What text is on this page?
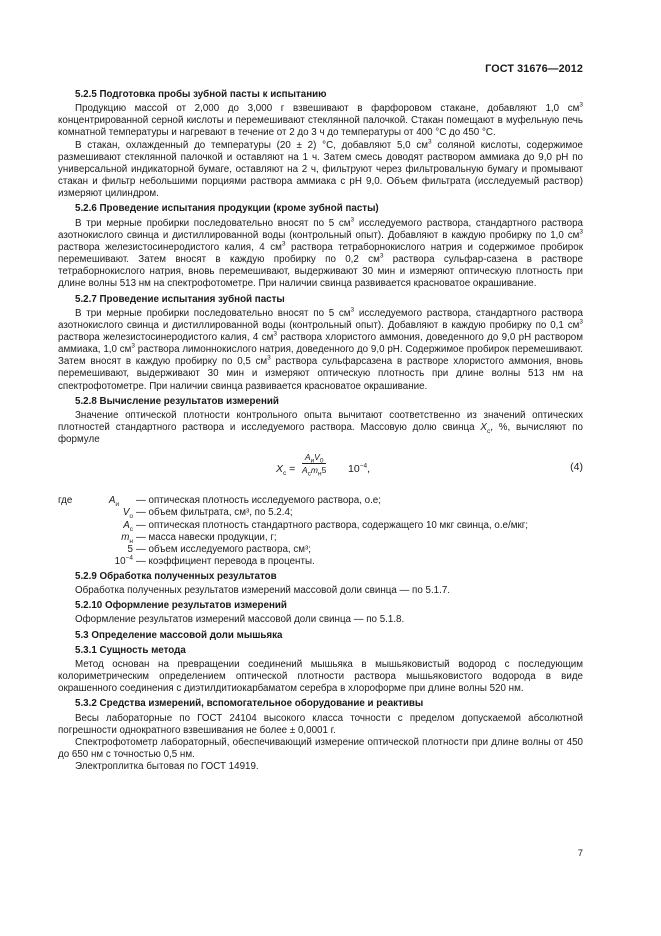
ГОСТ 31676—2012
5.2.5 Подготовка пробы зубной пасты к испытанию

Продукцию массой от 2,000 до 3,000 г взвешивают в фарфоровом стакане, добавляют 1,0 $см^3$ концентрированной серной кислоты и перемешивают стеклянной палочкой. Стакан помещают в муфельную печь комнатной температуры и нагревают в течение от 2 до 3 ч до температуры от 400 °С до 450 °С.

В стакан, охлажденный до температуры (20 ± 2) °С, добавляют 5,0 $см^3$ соляной кислоты, содержимое размешивают стеклянной палочкой и оставляют на 1 ч. Затем смесь доводят раствором аммиака до 9,0 рН по универсальной индикаторной бумаге, оставляют на 2 ч, фильтруют через фильтровальную бумагу и промывают стакан и фильтр небольшими порциями раствора аммиака с рН 9,0. Объем фильтрата (исследуемый раствор) измеряют цилиндром.

5.2.6 Проведение испытания продукции (кроме зубной пасты)

В три мерные пробирки последовательно вносят по 5 $см^3$ исследуемого раствора, стандартного раствора азотнокислого свинца и дистиллированной воды (контрольный опыт). Добавляют в каждую пробирку по 1,0 $см^3$ раствора железистосинеродистого калия, 4 $см^3$ раствора тетраборнокислого натрия и содержимое пробирок перемешивают. Затем вносят в каждую пробирку по 0,2 $см^3$ раствора сульфар-сазена в растворе тетраборнокислого натрия, вновь перемешивают, выдерживают 30 мин и измеряют оптическую плотность при длине волны 513 нм на спектрофотометре. При наличии свинца развивается красноватое окрашивание.

5.2.7 Проведение испытания зубной пасты

В три мерные пробирки последовательно вносят по 5 $см^3$ исследуемого раствора, стандартного раствора азотнокислого свинца и дистиллированной воды (контрольный опыт). Добавляют в каждую пробирку по 0,1 $см^3$ раствора железистосинеродистого калия, 4 $см^3$ раствора хлористого аммония, доведенного до 9,0 рН раствором аммиака, 1,0 $см^3$ раствора лимоннокислого натрия, доведенного до 9,0 рН. Содержимое пробирок перемешивают. Затем вносят в каждую пробирку по 0,5 $см^3$ раствора сульфарсазена в растворе хлористого аммония, вновь перемешивают, выдерживают 30 мин и измеряют оптическую плотность при длине волны 513 нм на спектрофотометре. При наличии свинца развивается красноватое окрашивание.

5.2.8 Вычисление результатов измерений

Значение оптической плотности контрольного опыта вычитают соответственно из значений оптических плотностей стандартного раствора и исследуемого раствора. Массовую долю свинца $X_с$, %, вычисляют по формуле

$X_c$ =
$A_иV_0$
$A_cm_н5$ $10^{-4}$,	(4)
где	$A_и$	— оптическая плотность исследуемого раствора, о.е;
$V_о$ — объем фильтрата, см³, по 5.2.4;
$A_с$ — оптическая плотность стандартного раствора, содержащего 10 мкг свинца, о.е/мкг;
$m_н$ — масса навески продукции, г;
5 — объем исследуемого раствора, см³;
$10^{-4}$ — коэффициент перевода в проценты.
5.2.9 Обработка полученных результатов

Обработка полученных результатов измерений массовой доли свинца — по 5.1.7.

5.2.10 Оформление результатов измерений

Оформление результатов измерений массовой доли свинца — по 5.1.8.

5.3 Определение массовой доли мышьяка
5.3.1 Сущность метода

Метод основан на превращении соединений мышьяка в мышьяковистый водород с последующим колориметрическим определением оптической плотности раствора мышьяковистого водорода в виде окрашенного соединения с диэтилдитиокарбаматом серебра в хлороформе при длине волны 520 нм.

5.3.2 Средства измерений, вспомогательное оборудование и реактивы

Весы лабораторные по ГОСТ 24104 высокого класса точности с пределом допускаемой абсолютной погрешности однократного взвешивания не более ± 0,0001 г.

Спектрофотометр лабораторный, обеспечивающий измерение оптической плотности при длине волны от 450 до 650 нм с точностью 0,5 нм.

Электроплитка бытовая по ГОСТ 14919.

7
